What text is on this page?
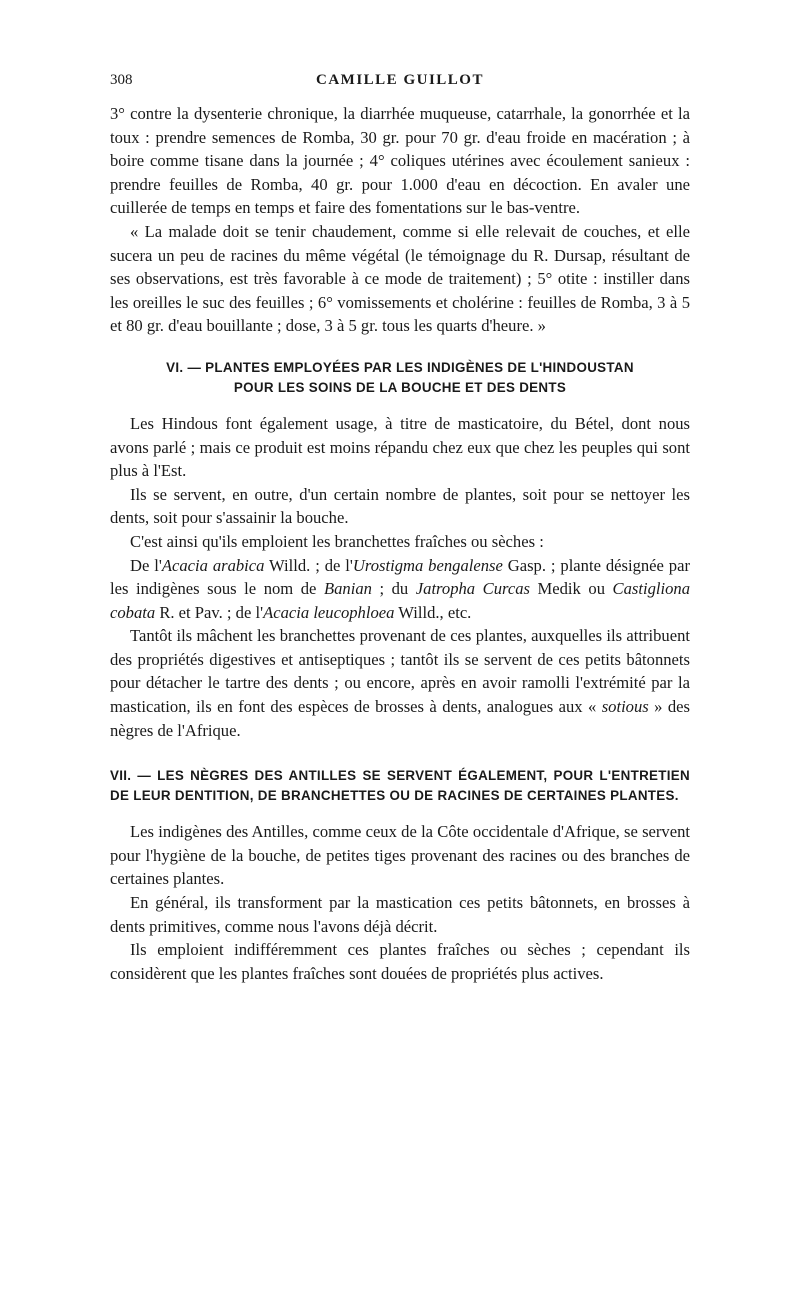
308	CAMILLE GUILLOT

3° contre la dysenterie chronique, la diarrhée muqueuse, catarrhale, la gonorrhée et la toux : prendre semences de Romba, 30 gr. pour 70 gr. d'eau froide en macération ; à boire comme tisane dans la journée ; 4° coliques utérines avec écoulement sanieux : prendre feuilles de Romba, 40 gr. pour 1.000 d'eau en décoction. En avaler une cuillerée de temps en temps et faire des fomentations sur le bas-ventre.

« La malade doit se tenir chaudement, comme si elle relevait de couches, et elle sucera un peu de racines du même végétal (le témoignage du R. Dursap, résultant de ses observations, est très favorable à ce mode de traitement) ; 5° otite : instiller dans les oreilles le suc des feuilles ; 6° vomissements et cholérine : feuilles de Romba, 3 à 5 et 80 gr. d'eau bouillante ; dose, 3 à 5 gr. tous les quarts d'heure. »

VI. — PLANTES EMPLOYÉES PAR LES INDIGÈNES DE L'HINDOUSTAN
POUR LES SOINS DE LA BOUCHE ET DES DENTS

Les Hindous font également usage, à titre de masticatoire, du Bétel, dont nous avons parlé ; mais ce produit est moins répandu chez eux que chez les peuples qui sont plus à l'Est.

Ils se servent, en outre, d'un certain nombre de plantes, soit pour se nettoyer les dents, soit pour s'assainir la bouche.

C'est ainsi qu'ils emploient les branchettes fraîches ou sèches :

De l'Acacia arabica Willd. ; de l'Urostigma bengalense Gasp. ; plante désignée par les indigènes sous le nom de Banian ; du Jatropha Curcas Medik ou Castigliona cobata R. et Pav. ; de l'Acacia leucophloea Willd., etc.

Tantôt ils mâchent les branchettes provenant de ces plantes, auxquelles ils attribuent des propriétés digestives et antiseptiques ; tantôt ils se servent de ces petits bâtonnets pour détacher le tartre des dents ; ou encore, après en avoir ramolli l'extrémité par la mastication, ils en font des espèces de brosses à dents, analogues aux « sotious » des nègres de l'Afrique.

VII. — LES NÈGRES DES ANTILLES SE SERVENT ÉGALEMENT, POUR L'ENTRETIEN DE LEUR DENTITION, DE BRANCHETTES OU DE RACINES DE CERTAINES PLANTES.

Les indigènes des Antilles, comme ceux de la Côte occidentale d'Afrique, se servent pour l'hygiène de la bouche, de petites tiges provenant des racines ou des branches de certaines plantes.

En général, ils transforment par la mastication ces petits bâtonnets, en brosses à dents primitives, comme nous l'avons déjà décrit.

Ils emploient indifféremment ces plantes fraîches ou sèches ; cependant ils considèrent que les plantes fraîches sont douées de propriétés plus actives.
